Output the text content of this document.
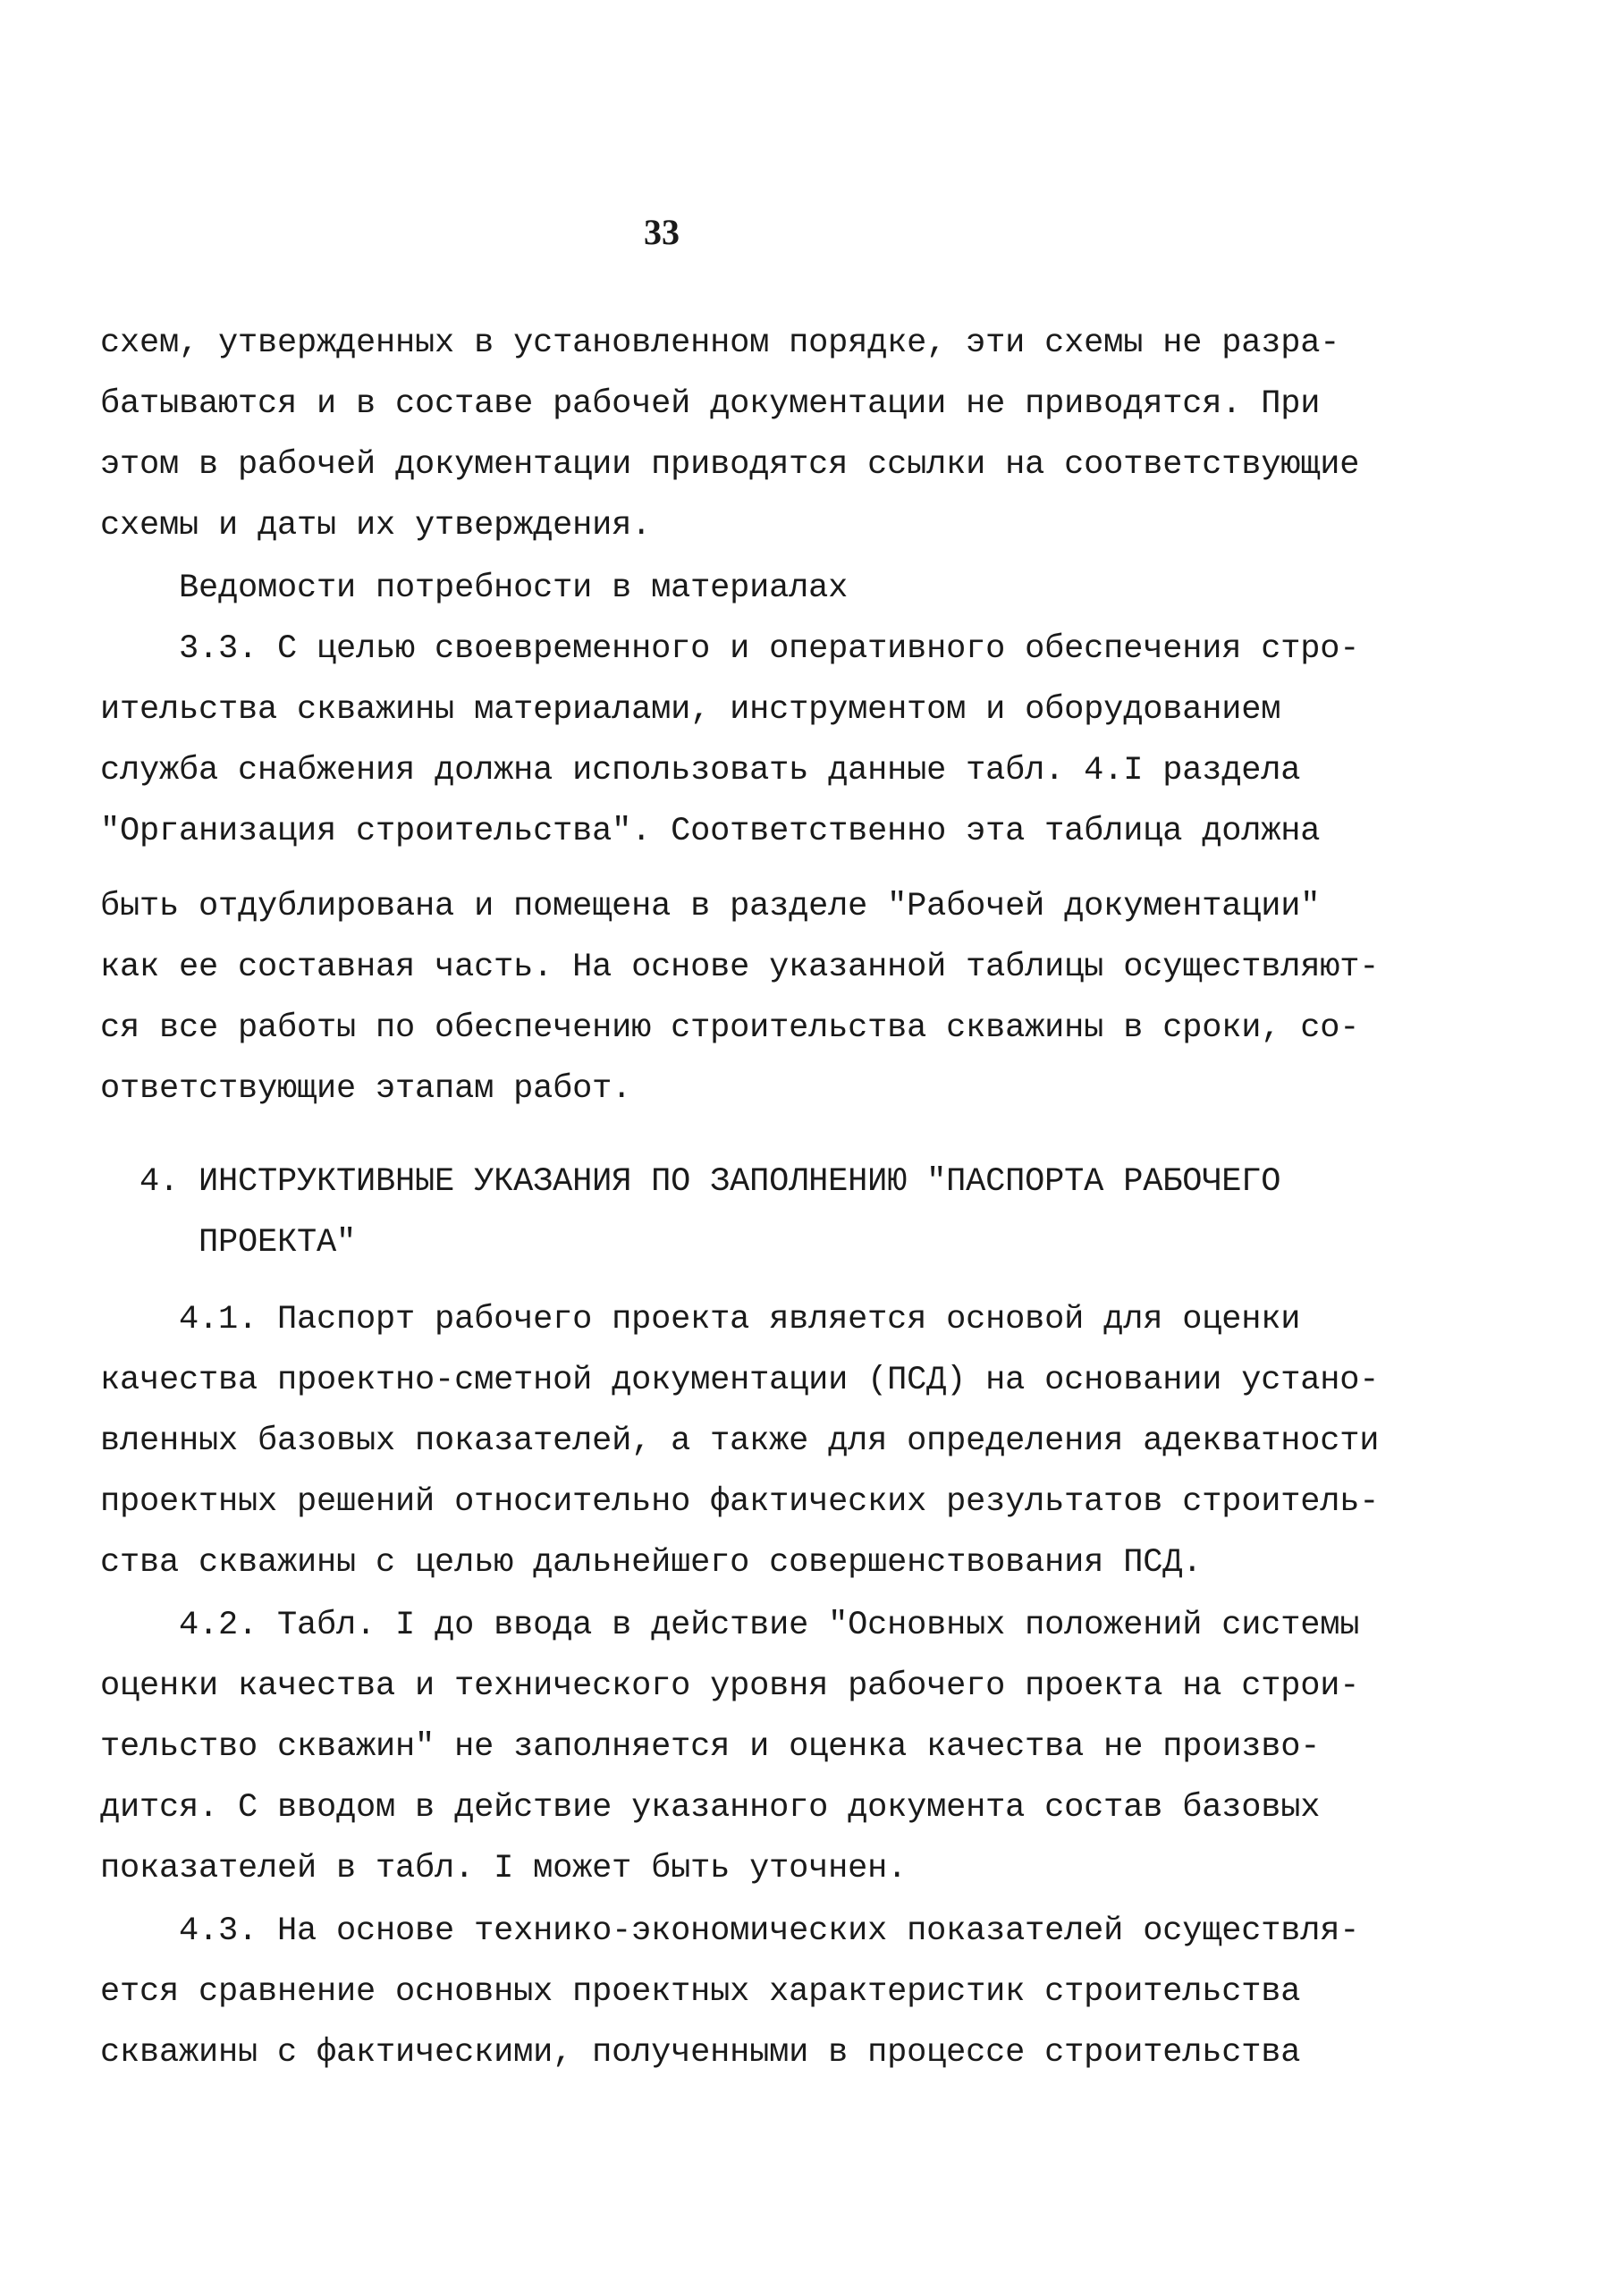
33
схем, утвержденных в установленном порядке, эти схемы не разра-
батываются и в составе рабочей документации не приводятся. При
этом в рабочей документации приводятся ссылки на соответствующие
схемы и даты их утверждения.
Ведомости потребности в материалах
3.3. С целью своевременного и оперативного обеспечения стро-
ительства скважины материалами, инструментом и оборудованием
служба снабжения должна использовать данные табл. 4.I раздела
"Организация строительства". Соответственно эта таблица должна
быть отдублирована и помещена в разделе "Рабочей документации"
как ее составная часть. На основе указанной таблицы осуществляют-
ся все работы по обеспечению строительства скважины в сроки, со-
ответствующие этапам работ.
4. ИНСТРУКТИВНЫЕ УКАЗАНИЯ ПО ЗАПОЛНЕНИЮ "ПАСПОРТА РАБОЧЕГО
ПРОЕКТА"
4.1. Паспорт рабочего проекта является основой для оценки
качества проектно-сметной документации (ПСД) на основании устано-
вленных базовых показателей, а также для определения адекватности
проектных решений относительно фактических результатов строитель-
ства скважины с целью дальнейшего совершенствования ПСД.
4.2. Табл. I до ввода в действие "Основных положений системы
оценки качества и технического уровня рабочего проекта на строи-
тельство скважин" не заполняется и оценка качества не произво-
дится. С вводом в действие указанного документа состав базовых
показателей в табл. I может быть уточнен.
4.3. На основе технико-экономических показателей осуществля-
ется сравнение основных проектных характеристик строительства
скважины с фактическими, полученными в процессе строительства
